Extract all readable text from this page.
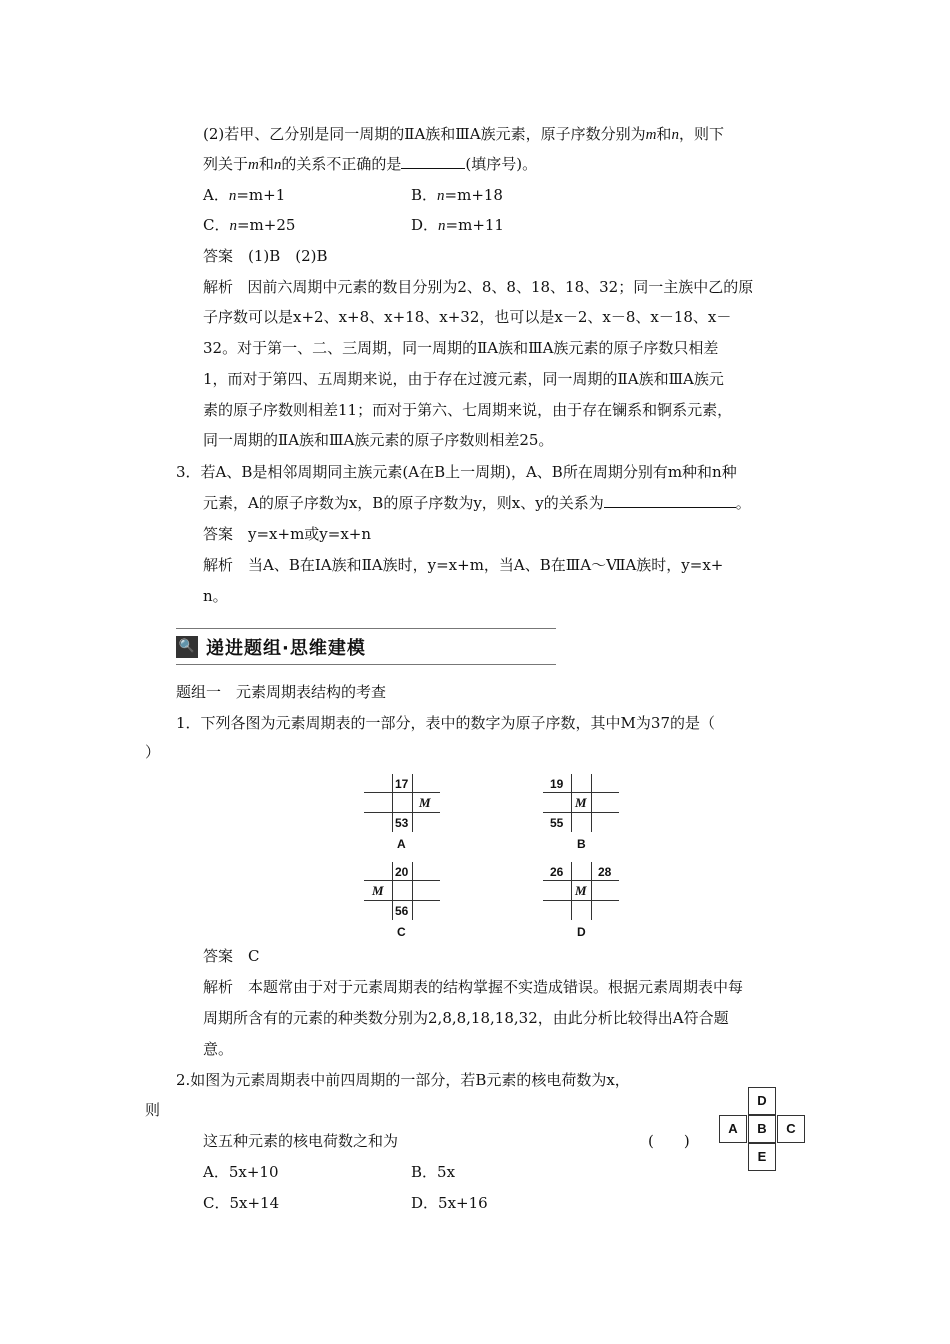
(2)若甲、乙分别是同一周期的ⅡA族和ⅢA族元素，原子序数分别为m和n，则下
列关于m和n的关系不正确的是	(填序号)。
A．n=m+1	B．n=m+18
C．n=m+25	D．n=m+11
答案　(1)B　(2)B
解析 因前六周期中元素的数目分别为2、8、8、18、18、32；同一主族中乙的原
子序数可以是x+2、x+8、x+18、x+32，也可以是x－2、x－8、x－18、x－
32。对于第一、二、三周期，同一周期的ⅡA族和ⅢA族元素的原子序数只相差
1，而对于第四、五周期来说，由于存在过渡元素，同一周期的ⅡA族和ⅢA族元
素的原子序数则相差11；而对于第六、七周期来说，由于存在镧系和锕系元素，
同一周期的ⅡA族和ⅢA族元素的原子序数则相差25。
3．若A、B是相邻周期同主族元素(A在B上一周期)，A、B所在周期分别有m种和n种
元素，A的原子序数为x，B的原子序数为y，则x、y的关系为	。
答案　y=x+m或y=x+n
解析　当A、B在ⅠA族和ⅡA族时，y=x+m，当A、B在ⅢA～ⅦA族时，y=x+
n。
🔍 递进题组·思维建模
题组一　元素周期表结构的考查
1．下列各图为元素周期表的一部分，表中的数字为原子序数，其中M为37的是（
）
17
M
53
A
19
M
55
B
20
M
56
C
26	28
M
D
答案　C
解析　本题常由于对于元素周期表的结构掌握不实造成错误。根据元素周期表中每
周期所含有的元素的种类数分别为2,8,8,18,18,32，由此分析比较得出A符合题
意。
2.如图为元素周期表中前四周期的一部分，若B元素的核电荷数为x，
则
这五种元素的核电荷数之和为	(　　)
A．5x+10	B．5x
C．5x+14	D．5x+16
D
A	B	C
E
